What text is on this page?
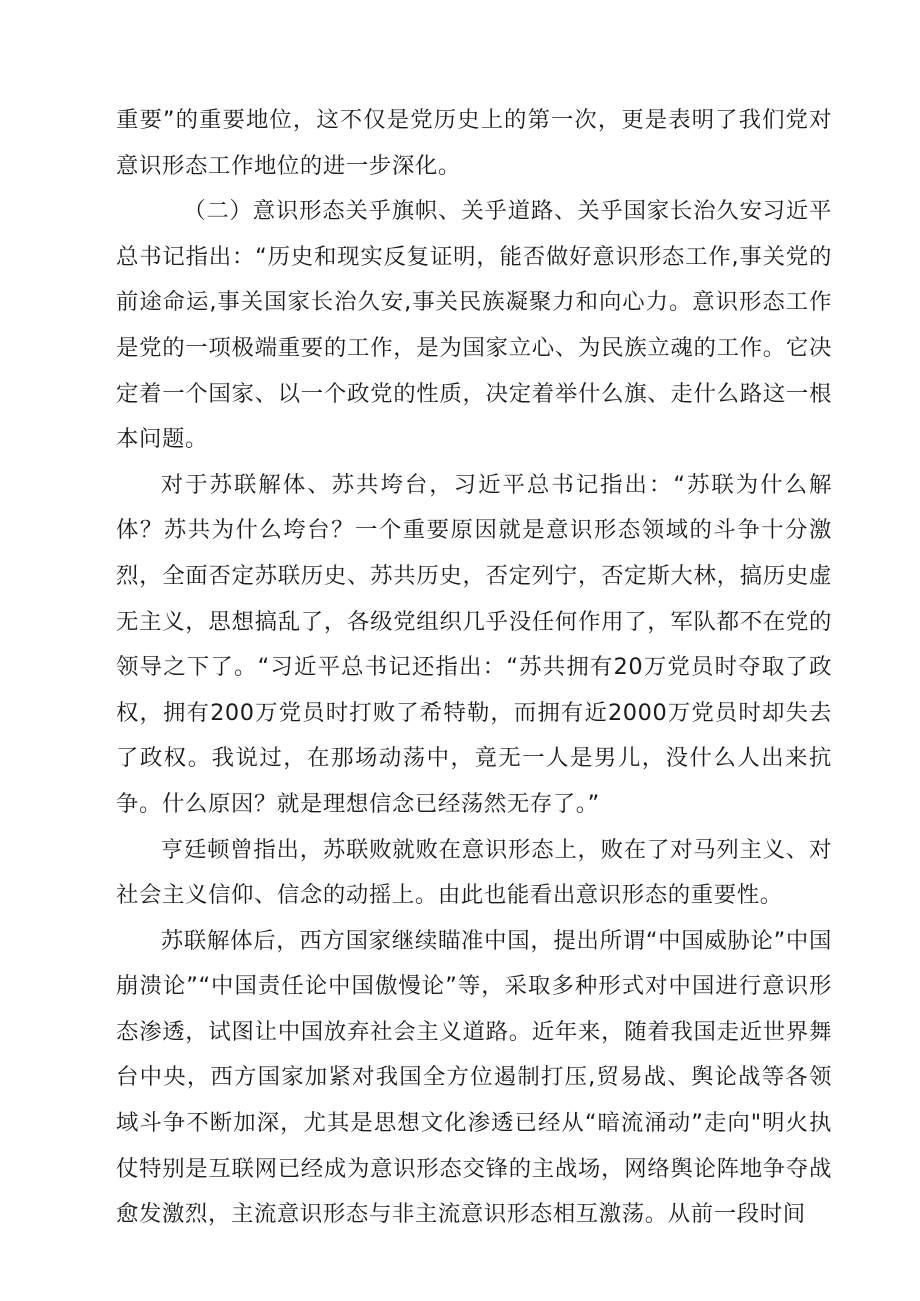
重要”的重要地位，这不仅是党历史上的第一次，更是表明了我们党对意识形态工作地位的进一步深化。

（二）意识形态关乎旗帜、关乎道路、关乎国家长治久安习近平总书记指出：“历史和现实反复证明，能否做好意识形态工作,事关党的前途命运,事关国家长治久安,事关民族凝聚力和向心力。意识形态工作是党的一项极端重要的工作，是为国家立心、为民族立魂的工作。它决定着一个国家、以一个政党的性质，决定着举什么旗、走什么路这一根本问题。

对于苏联解体、苏共垮台，习近平总书记指出：“苏联为什么解体？苏共为什么垮台？一个重要原因就是意识形态领域的斗争十分激烈，全面否定苏联历史、苏共历史，否定列宁，否定斯大林，搞历史虚无主义，思想搞乱了，各级党组织几乎没任何作用了，军队都不在党的领导之下了。“习近平总书记还指出：“苏共拥有20万党员时夺取了政权，拥有200万党员时打败了希特勒，而拥有近2000万党员时却失去了政权。我说过，在那场动荡中，竟无一人是男儿，没什么人出来抗争。什么原因？就是理想信念已经荡然无存了。”

亨廷顿曾指出，苏联败就败在意识形态上，败在了对马列主义、对社会主义信仰、信念的动摇上。由此也能看出意识形态的重要性。

苏联解体后，西方国家继续瞄准中国，提出所谓“中国威胁论”中国崩溃论”“中国责任论中国傲慢论”等，采取多种形式对中国进行意识形态渗透，试图让中国放弃社会主义道路。近年来，随着我国走近世界舞台中央，西方国家加紧对我国全方位遏制打压,贸易战、舆论战等各领域斗争不断加深，尤其是思想文化渗透已经从“暗流涌动”走向"明火执仗特别是互联网已经成为意识形态交锋的主战场，网络舆论阵地争夺战愈发激烈，主流意识形态与非主流意识形态相互激荡。从前一段时间
